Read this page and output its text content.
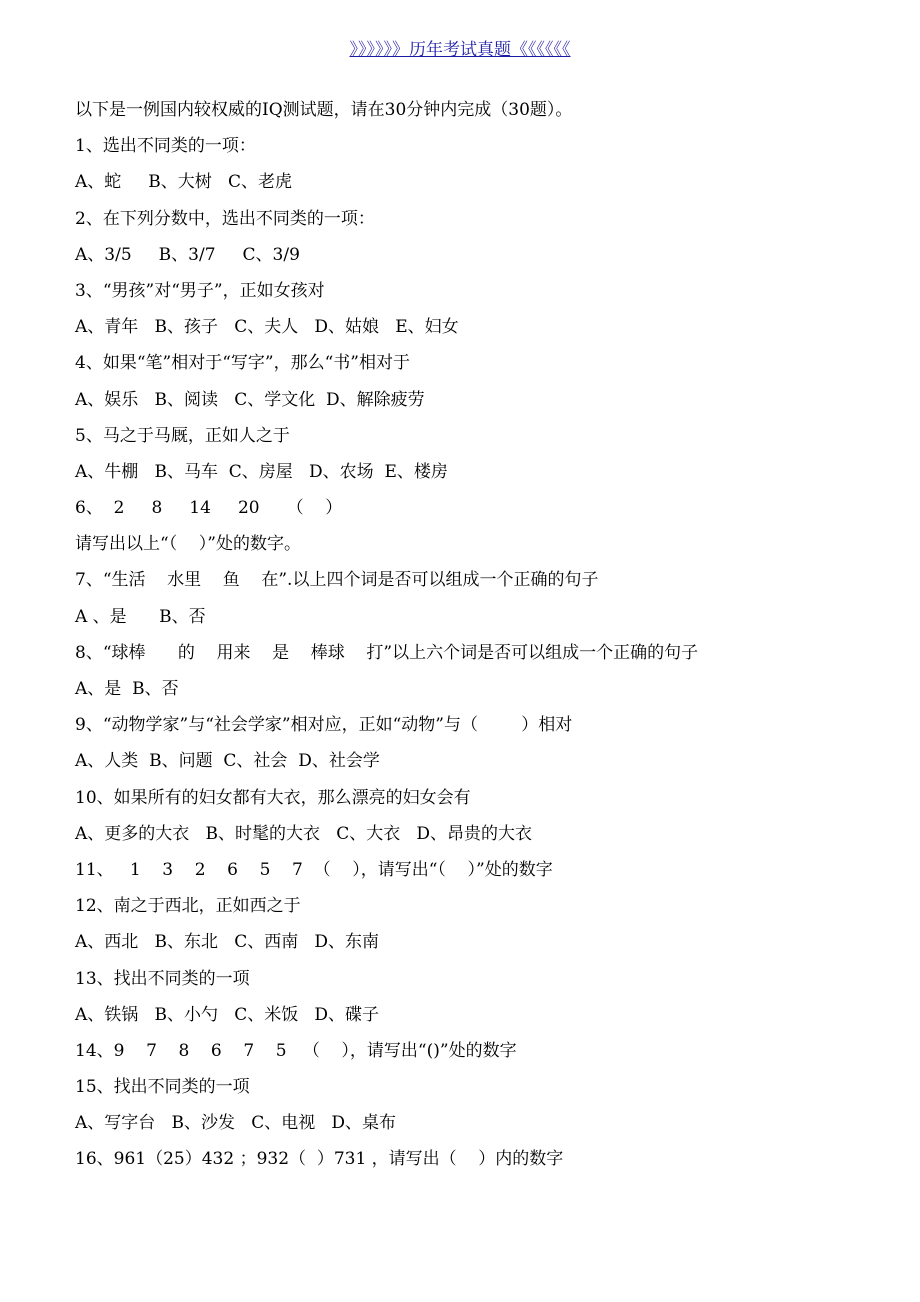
》》》》》》历年考试真题《《《《《《
以下是一例国内较权威的IQ测试题，请在30分钟内完成（30题）。
1、选出不同类的一项：
A、蛇     B、大树   C、老虎
2、在下列分数中，选出不同类的一项：
A、3/5     B、3/7     C、3/9
3、“男孩”对“男子”，正如女孩对
A、青年   B、孩子   C、夫人   D、姑娘   E、妇女
4、如果“笔”相对于“写字”，那么“书”相对于
A、娱乐   B、阅读   C、学文化  D、解除疲劳
5、马之于马厩，正如人之于
A、牛棚   B、马车  C、房屋   D、农场  E、楼房
6、  2     8     14     20     （    ）
请写出以上“（    ）”处的数字。
7、“生活    水里    鱼    在”.以上四个词是否可以组成一个正确的句子
A 、是      B、否
8、“球棒      的    用来    是    棒球    打”以上六个词是否可以组成一个正确的句子
A、是  B、否
9、“动物学家”与“社会学家”相对应，正如“动物”与（        ）相对
A、人类  B、问题  C、社会  D、社会学
10、如果所有的妇女都有大衣，那么漂亮的妇女会有
A、更多的大衣   B、时髦的大衣   C、大衣   D、昂贵的大衣
11、   1    3    2    6    5    7  （    ），请写出“（    ）”处的数字
12、南之于西北，正如西之于
A、西北   B、东北   C、西南   D、东南
13、找出不同类的一项
A、铁锅   B、小勺   C、米饭   D、碟子
14、9    7    8    6    7    5   （    ），请写出“()”处的数字
15、找出不同类的一项
A、写字台   B、沙发   C、电视   D、桌布
16、961（25）432 ；932（  ）731 ，请写出（    ）内的数字
